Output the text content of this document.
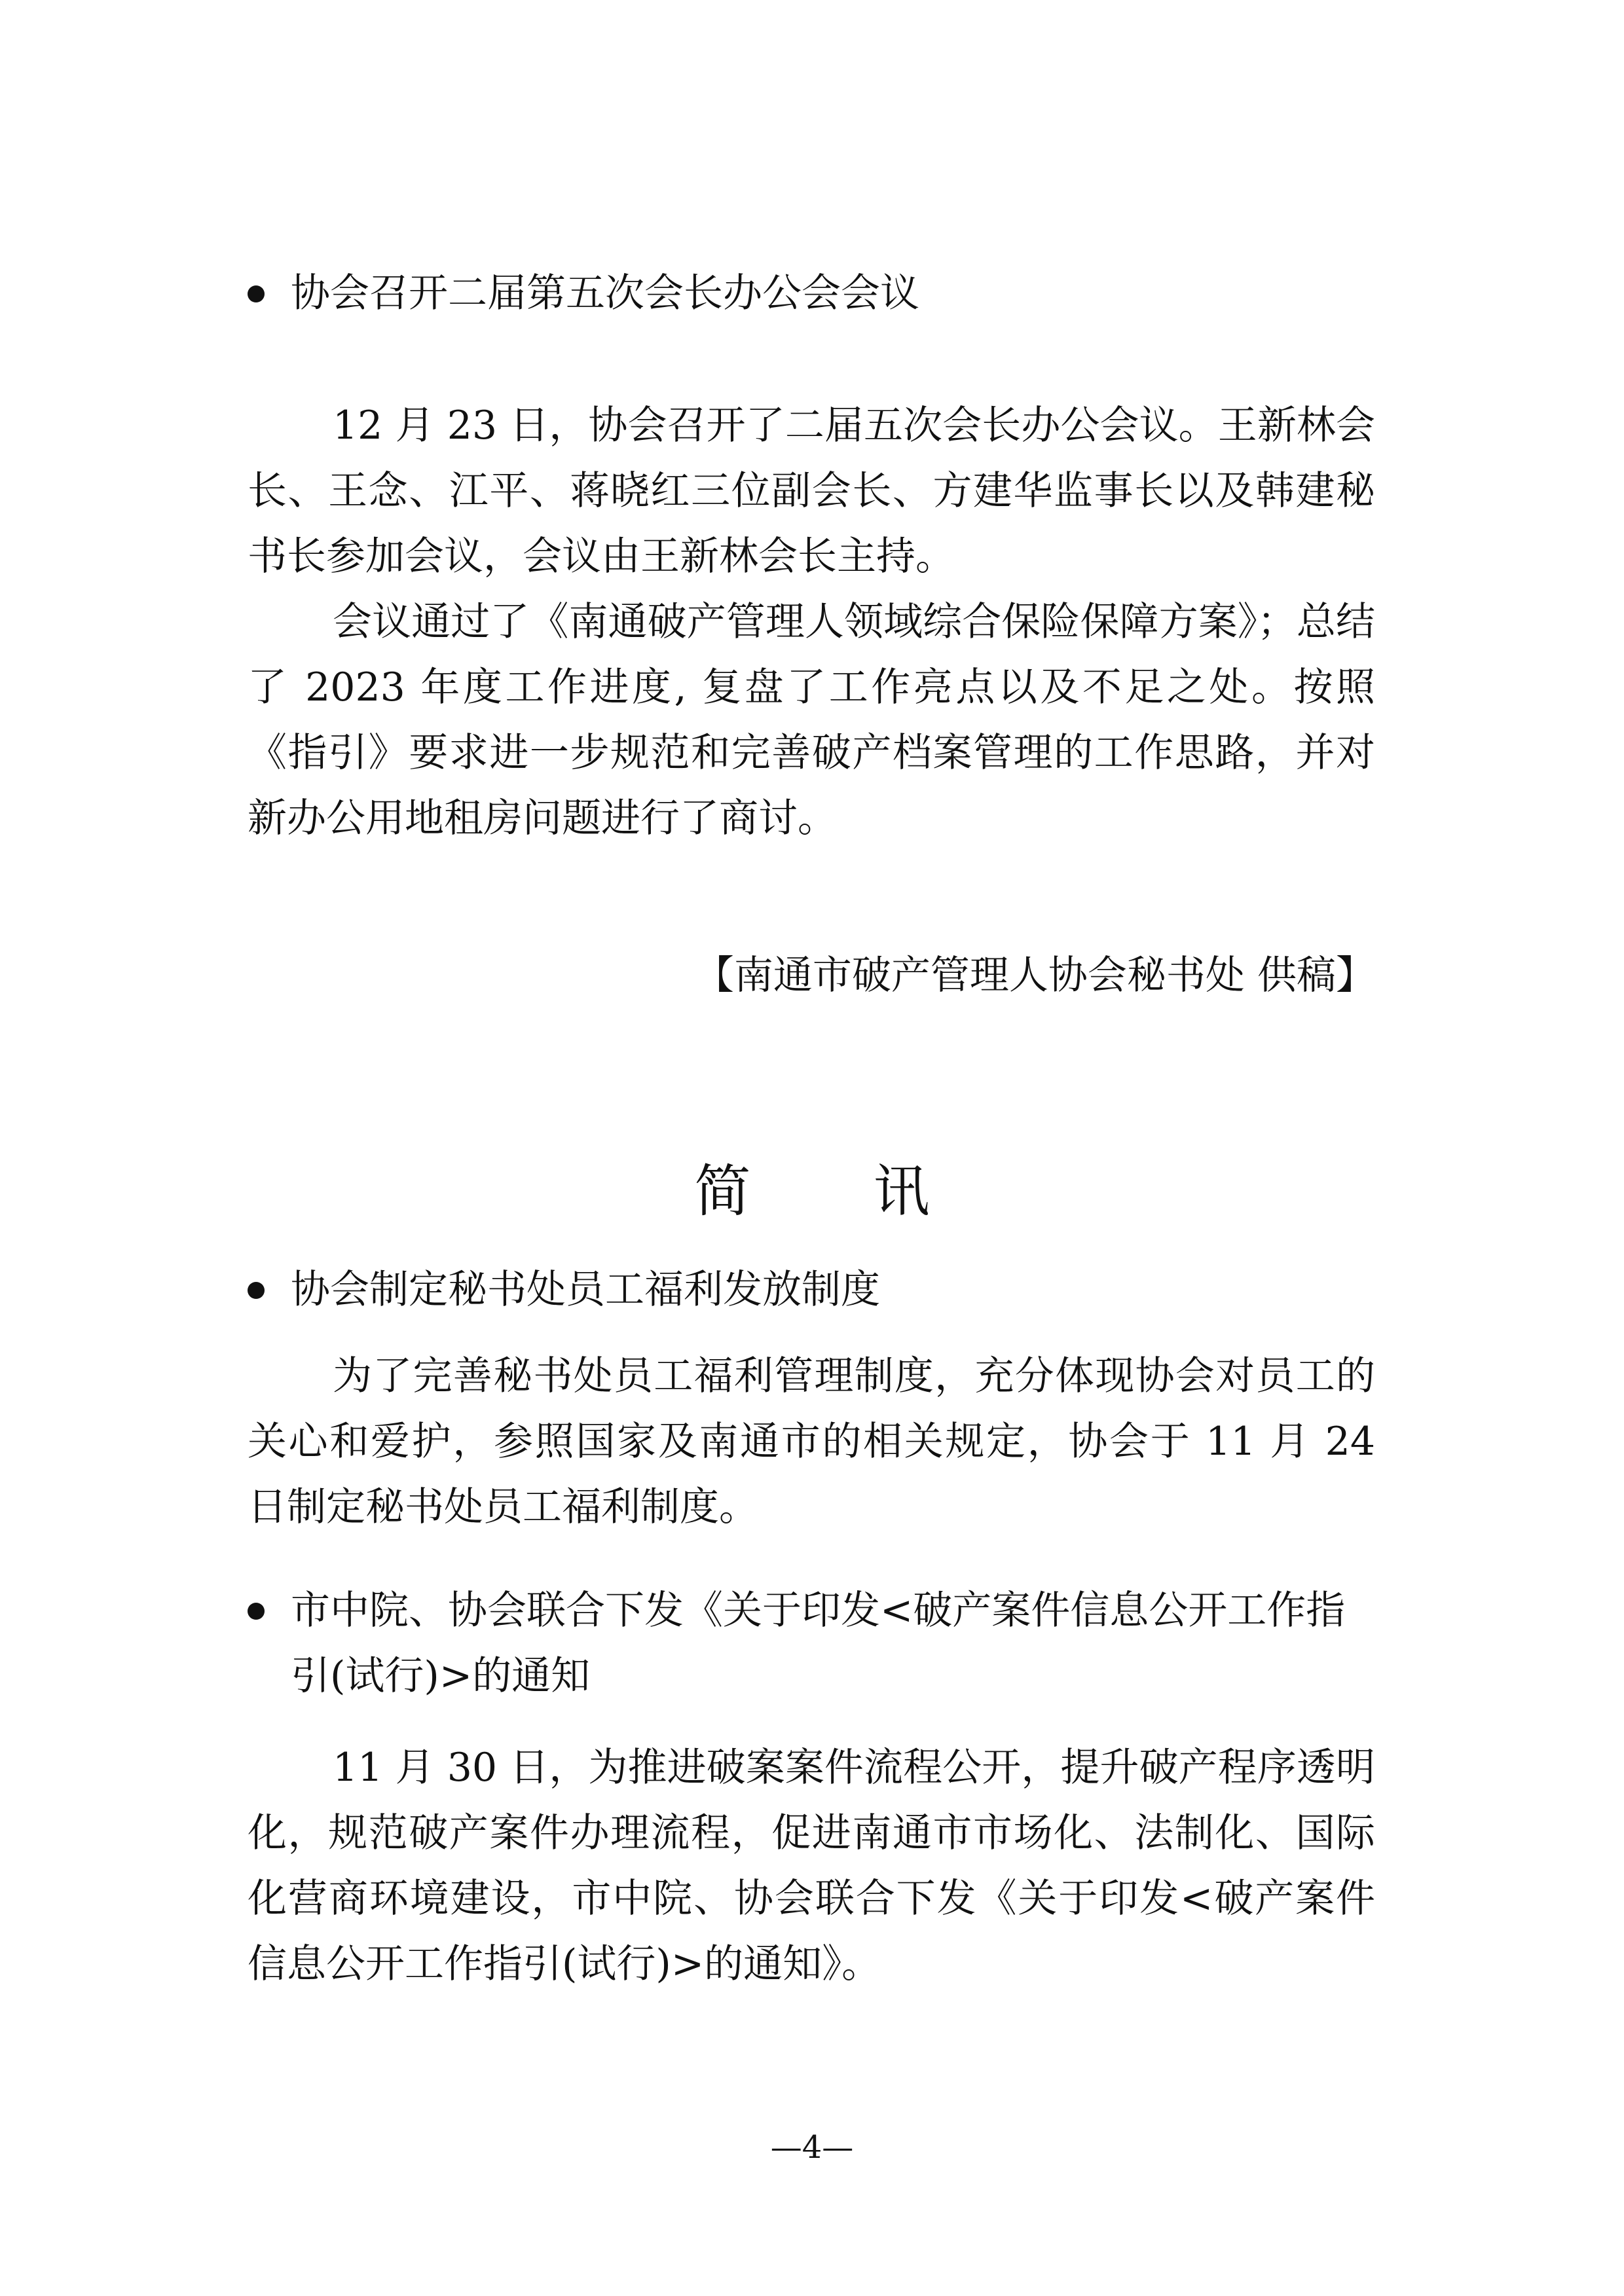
协会召开二届第五次会长办公会会议
12 月 23 日，协会召开了二届五次会长办公会议。王新林会长、王念、江平、蒋晓红三位副会长、方建华监事长以及韩建秘书长参加会议，会议由王新林会长主持。
会议通过了《南通破产管理人领域综合保险保障方案》；总结了 2023 年度工作进度, 复盘了工作亮点以及不足之处。按照《指引》要求进一步规范和完善破产档案管理的工作思路，并对新办公用地租房问题进行了商讨。
【南通市破产管理人协会秘书处 供稿】
简 讯
协会制定秘书处员工福利发放制度
为了完善秘书处员工福利管理制度，充分体现协会对员工的关心和爱护，参照国家及南通市的相关规定，协会于 11 月 24 日制定秘书处员工福利制度。
市中院、协会联合下发《关于印发<破产案件信息公开工作指引(试行)>的通知
11 月 30 日，为推进破案案件流程公开，提升破产程序透明化，规范破产案件办理流程，促进南通市市场化、法制化、国际化营商环境建设，市中院、协会联合下发《关于印发<破产案件信息公开工作指引(试行)>的通知》。
—4—
